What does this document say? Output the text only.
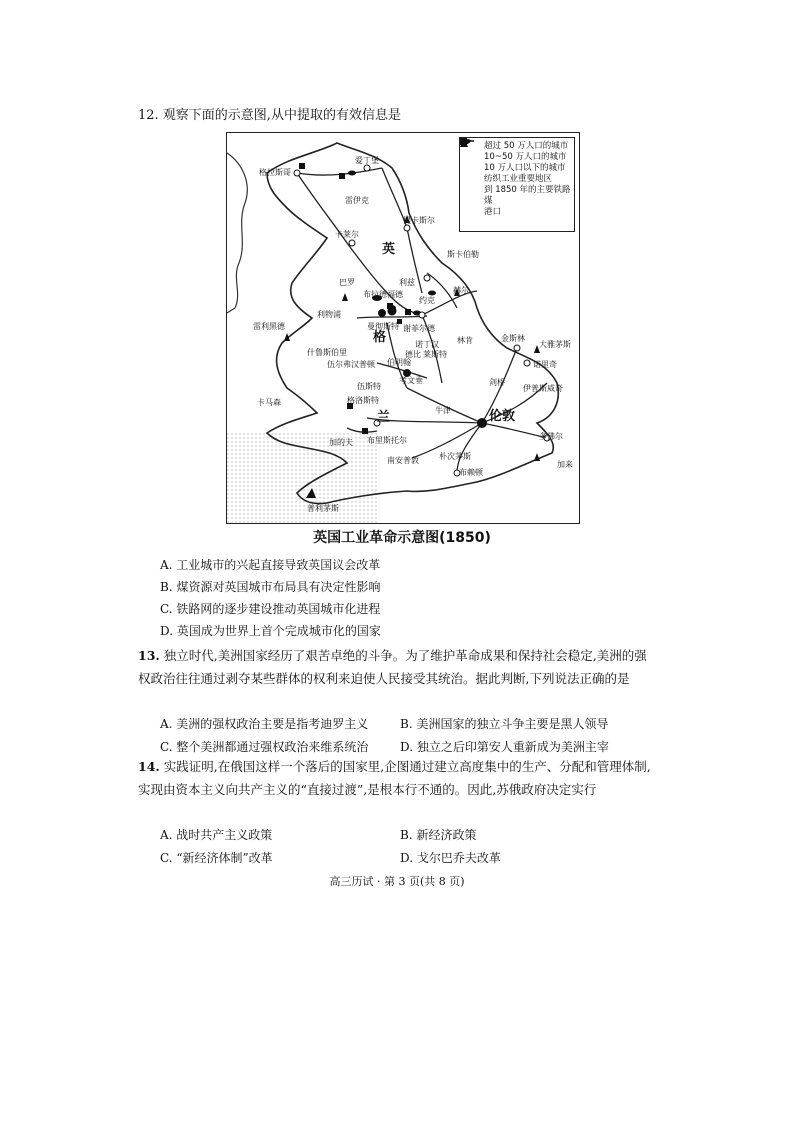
12. 观察下面的示意图,从中提取的有效信息是
格拉斯哥
爱丁堡
雷伊克
提卡斯尔
卡莱尔
英	斯卡伯勒
巴罗	利兹
布拉德福德
约克
赫尔
利物浦
曼彻斯特 谢菲尔德
格	诺丁汉
雷利黑德
什鲁斯伯里
伍尔弗汉普顿 伯明翰
考文垂
林肯	金斯林
大雅茅斯
诺里奇
伊普斯威奇
剑桥
伍斯特
格洛斯特
卡马森
牛津	伦敦
兰
加的夫 布里斯托尔	多佛尔
南安普敦	朴次茅斯
布赖顿
加来
普利茅斯
德比 莱斯特
超过 50 万人口的城市
10~50 万人口的城市
10 万人口以下的城市
纺织工业重要地区
到 1850 年的主要铁路
煤
港口
英国工业革命示意图(1850)
A. 工业城市的兴起直接导致英国议会改革
B. 煤资源对英国城市布局具有决定性影响
C. 铁路网的逐步建设推动英国城市化进程
D. 英国成为世界上首个完成城市化的国家
13. 独立时代,美洲国家经历了艰苦卓绝的斗争。为了维护革命成果和保持社会稳定,美洲的强权政治往往通过剥夺某些群体的权利来迫使人民接受其统治。据此判断,下列说法正确的是
A. 美洲的强权政治主要是指考迪罗主义	B. 美洲国家的独立斗争主要是黑人领导
C. 整个美洲都通过强权政治来维系统治	D. 独立之后印第安人重新成为美洲主宰
14. 实践证明,在俄国这样一个落后的国家里,企图通过建立高度集中的生产、分配和管理体制,实现由资本主义向共产主义的“直接过渡”,是根本行不通的。因此,苏俄政府决定实行
A. 战时共产主义政策	B. 新经济政策
C. “新经济体制”改革	D. 戈尔巴乔夫改革
高三历试 · 第 3 页(共 8 页)
